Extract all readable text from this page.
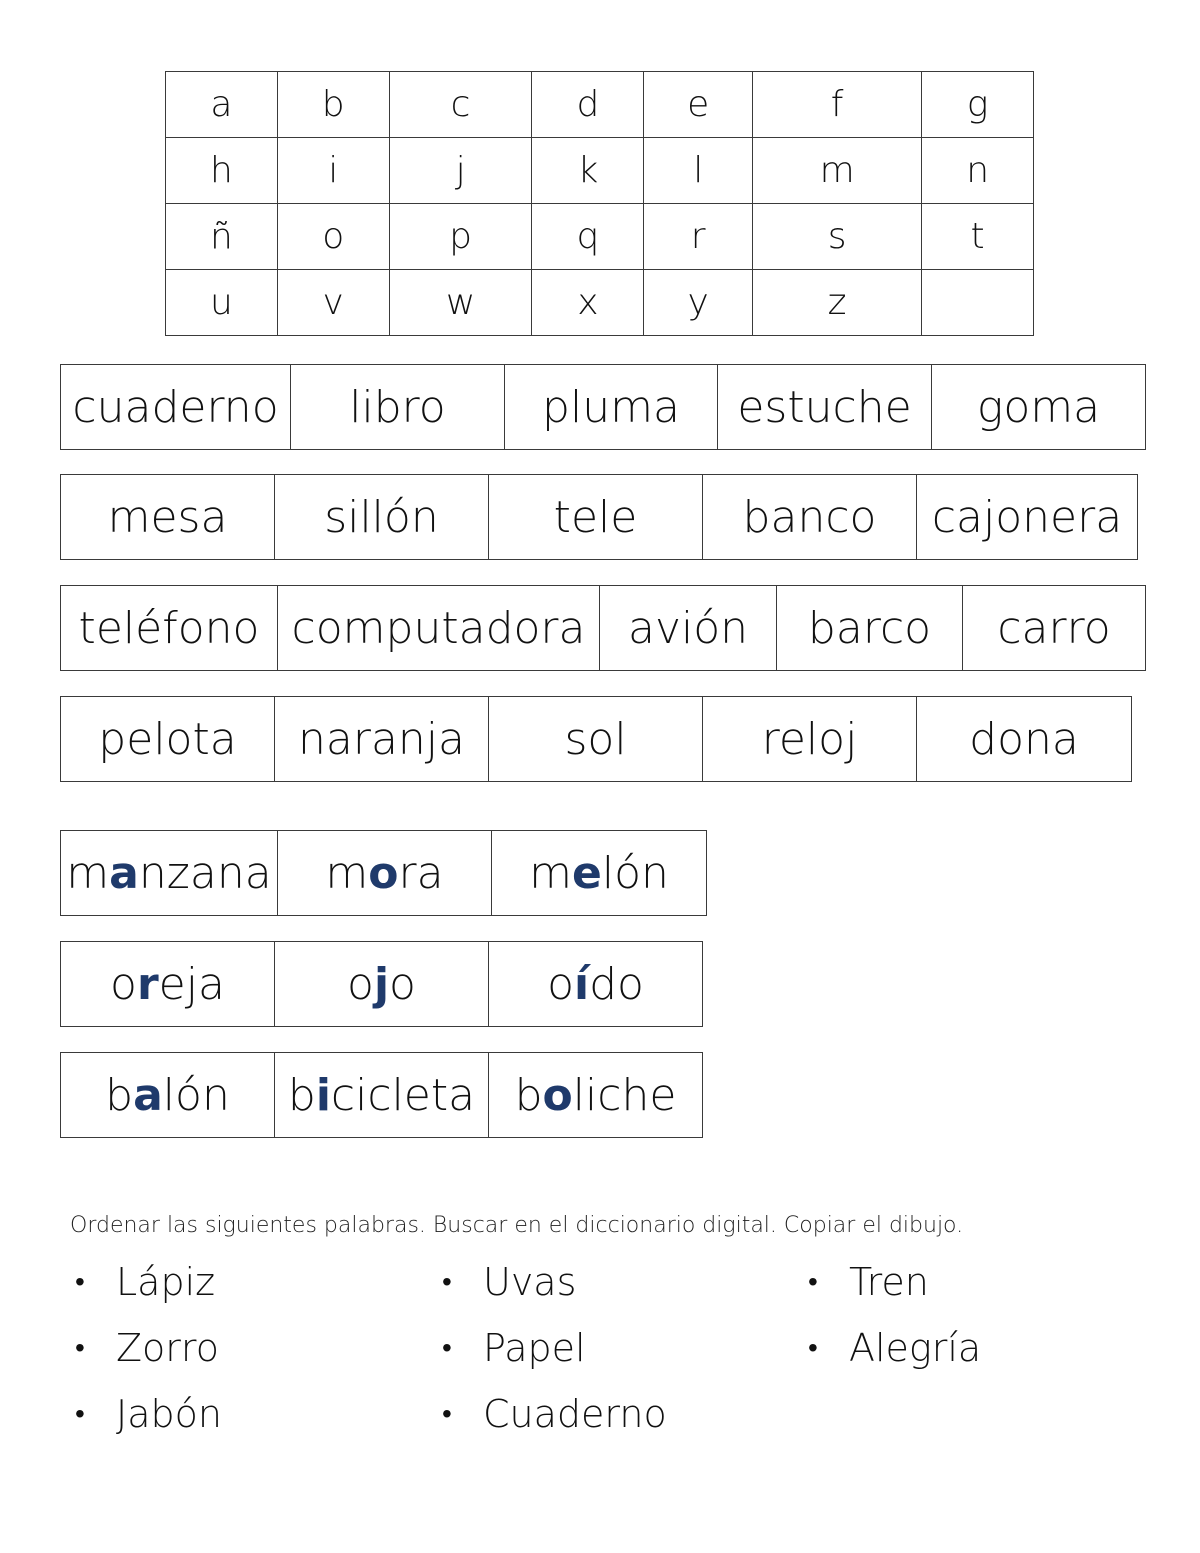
a	b	c	d	e	f	g
h	i	j	k	l	m	n
ñ	o	p	q	r	s	t
u	v	w	x	y	z	
cuaderno	libro	pluma	estuche	goma
mesa	sillón	tele	banco	cajonera
teléfono	computadora	avión	barco	carro
pelota	naranja	sol	reloj	dona
manzana	mora	melón
oreja	ojo	oído
balón	bicicleta	boliche
Ordenar las siguientes palabras. Buscar en el diccionario digital. Copiar el dibujo.
• Lápiz
• Zorro
• Jabón
• Uvas
• Papel
• Cuaderno
• Tren
• Alegría
